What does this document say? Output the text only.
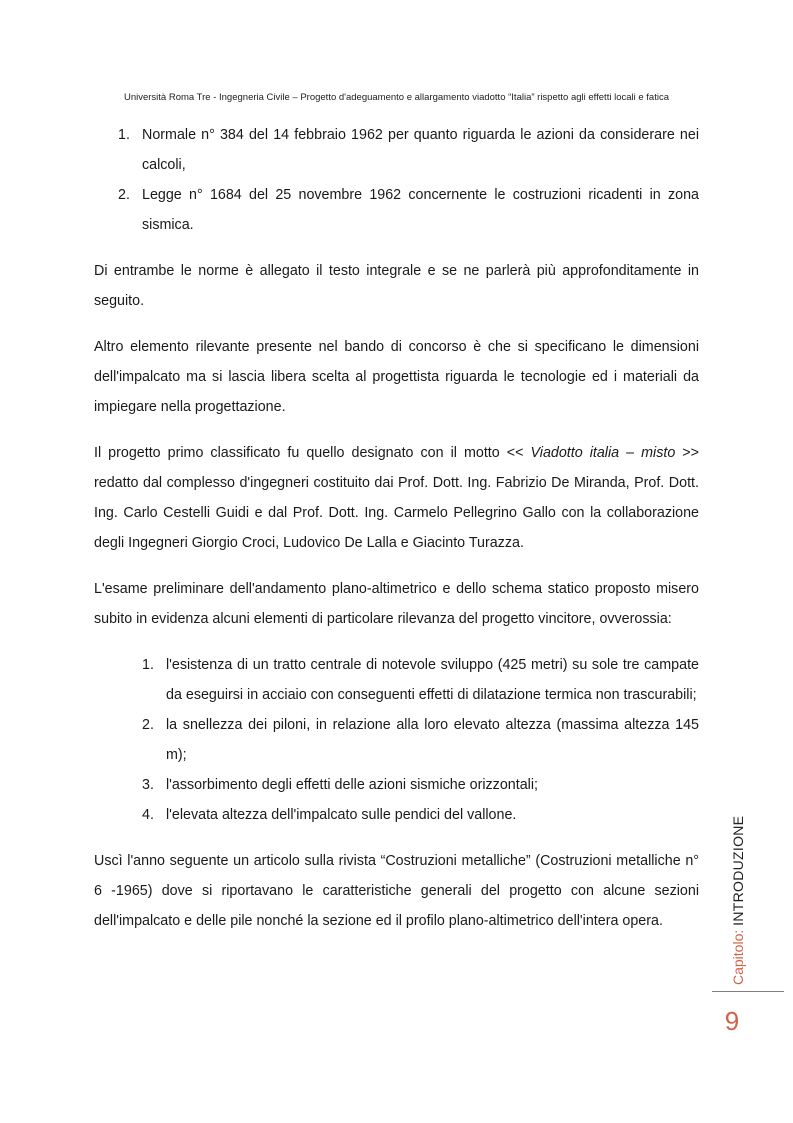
Università Roma Tre - Ingegneria Civile – Progetto d'adeguamento e allargamento viadotto “Italia” rispetto agli effetti locali e fatica
1. Normale n° 384 del 14 febbraio 1962 per quanto riguarda le azioni da considerare nei calcoli,
2. Legge n° 1684 del 25 novembre 1962 concernente le costruzioni ricadenti in zona sismica.

Di entrambe le norme è allegato il testo integrale e se ne parlerà più approfonditamente in seguito.

Altro elemento rilevante presente nel bando di concorso è che si specificano le dimensioni dell'impalcato ma si lascia libera scelta al progettista riguarda le tecnologie ed i materiali da impiegare nella progettazione.

Il progetto primo classificato fu quello designato con il motto << Viadotto italia – misto >> redatto dal complesso d'ingegneri costituito dai Prof. Dott. Ing. Fabrizio De Miranda, Prof. Dott. Ing. Carlo Cestelli Guidi e dal Prof. Dott. Ing. Carmelo Pellegrino Gallo con la collaborazione degli Ingegneri Giorgio Croci, Ludovico De Lalla e Giacinto Turazza.

L'esame preliminare dell'andamento plano-altimetrico e dello schema statico proposto misero subito in evidenza alcuni elementi di particolare rilevanza del progetto vincitore, ovverossia:

1. l'esistenza di un tratto centrale di notevole sviluppo (425 metri) su sole tre campate da eseguirsi in acciaio con conseguenti effetti di dilatazione termica non trascurabili;
2. la snellezza dei piloni, in relazione alla loro elevato altezza (massima altezza 145 m);
3. l'assorbimento degli effetti delle azioni sismiche orizzontali;
4. l'elevata altezza dell'impalcato sulle pendici del vallone.

Uscì l'anno seguente un articolo sulla rivista “Costruzioni metalliche” (Costruzioni metalliche n° 6 -1965) dove si riportavano le caratteristiche generali del progetto con alcune sezioni dell'impalcato e delle pile nonché la sezione ed il profilo plano-altimetrico dell'intera opera.

Capitolo: INTRODUZIONE
9
